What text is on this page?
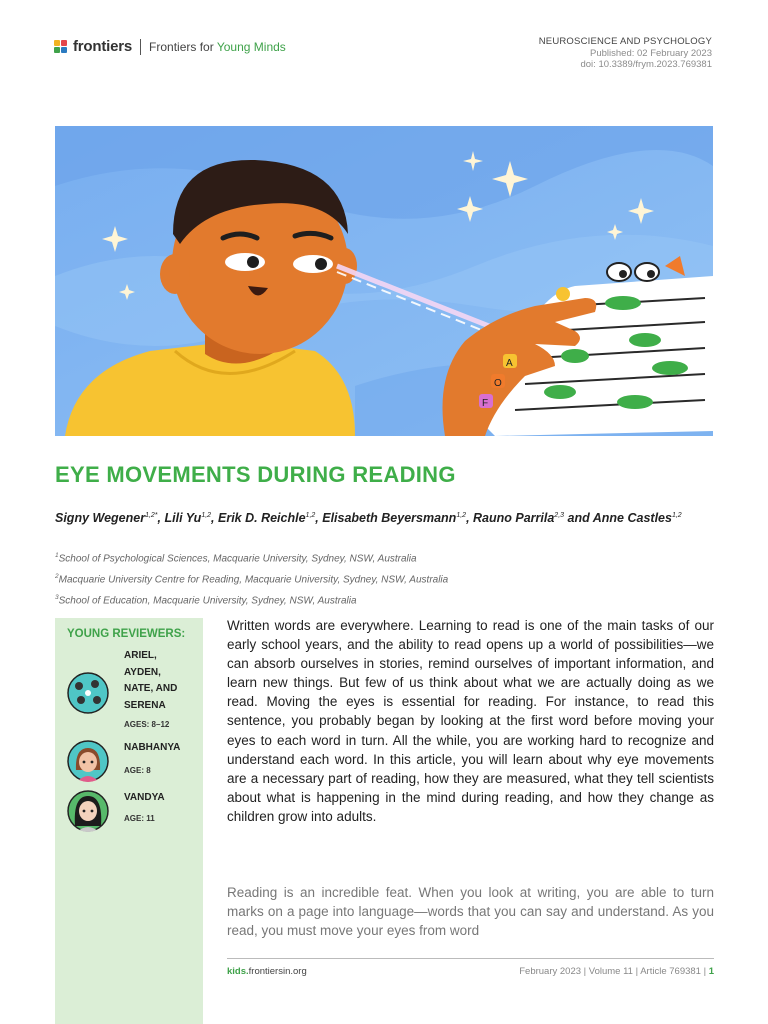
frontiers Frontiers for Young Minds	NEUROSCIENCE AND PSYCHOLOGY
Published: 02 February 2023
doi: 10.3389/frym.2023.769381
A
O
F
EYE MOVEMENTS DURING READING
Signy Wegener$^{1,2*}$, Lili Yu$^{1,2}$, Erik D. Reichle$^{1,2}$, Elisabeth Beyersmann$^{1,2}$, Rauno Parrila$^{2,3}$ and Anne Castles$^{1,2}$
$^1$School of Psychological Sciences, Macquarie University, Sydney, NSW, Australia
$^2$Macquarie University Centre for Reading, Macquarie University, Sydney, NSW, Australia
$^3$School of Education, Macquarie University, Sydney, NSW, Australia
YOUNG REVIEWERS:
ARIEL,
AYDEN,
NATE, AND
SERENA
AGES: 8–12
NABHANYA
AGE: 8
VANDYA
AGE: 11

Written words are everywhere. Learning to read is one of the main tasks of our early school years, and the ability to read opens up a world of possibilities—we can absorb ourselves in stories, remind ourselves of important information, and learn new things. But few of us think about what we are actually doing as we read. Moving the eyes is essential for reading. For instance, to read this sentence, you probably began by looking at the first word before moving your eyes to each word in turn. All the while, you are working hard to recognize and understand each word. In this article, you will learn about why eye movements are a necessary part of reading, how they are measured, what they tell scientists about what is happening in the mind during reading, and how they change as children grow into adults.

Reading is an incredible feat. When you look at writing, you are able to turn marks on a page into language—words that you can say and understand. As you read, you must move your eyes from word

kids.frontiersin.org	February 2023 | Volume 11 | Article 769381 | 1
